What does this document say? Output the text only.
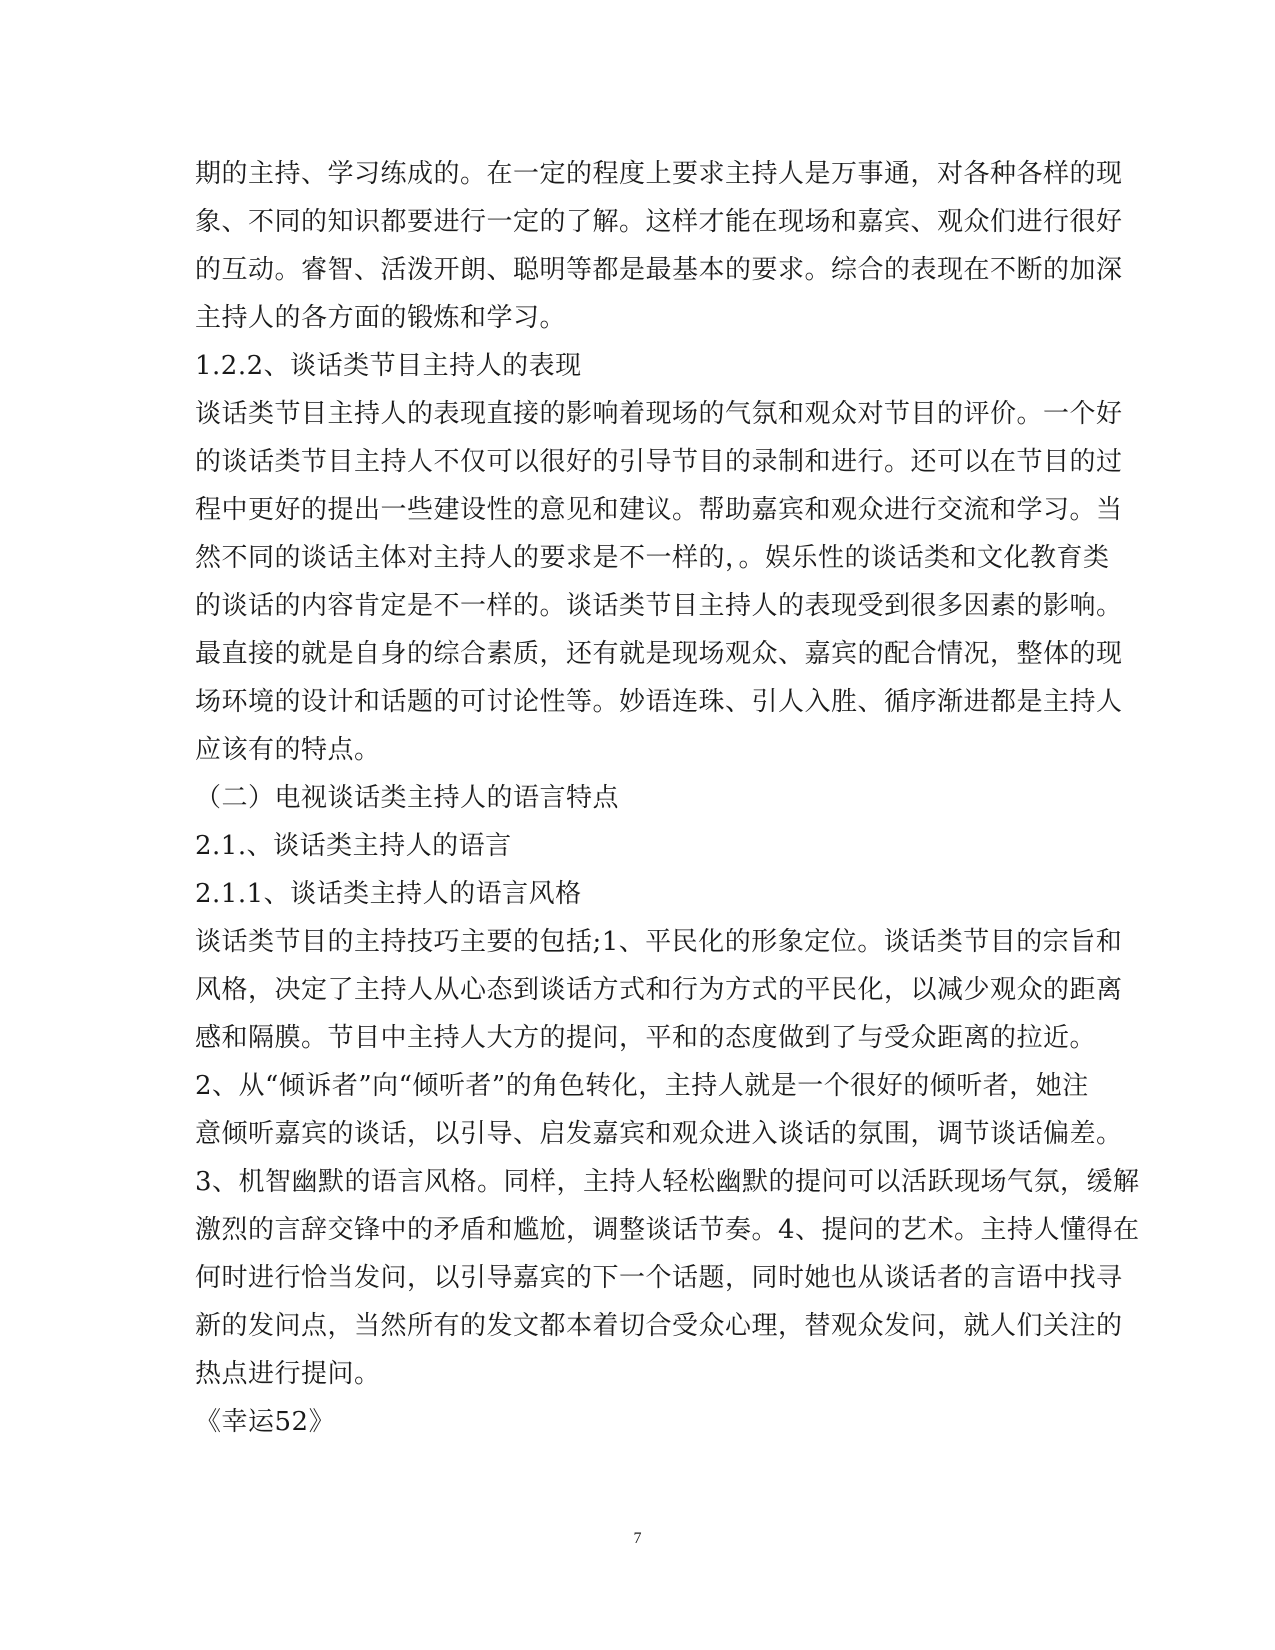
期的主持、学习练成的。在一定的程度上要求主持人是万事通，对各种各样的现
象、不同的知识都要进行一定的了解。这样才能在现场和嘉宾、观众们进行很好
的互动。睿智、活泼开朗、聪明等都是最基本的要求。综合的表现在不断的加深
主持人的各方面的锻炼和学习。
1.2.2、谈话类节目主持人的表现
谈话类节目主持人的表现直接的影响着现场的气氛和观众对节目的评价。一个好
的谈话类节目主持人不仅可以很好的引导节目的录制和进行。还可以在节目的过
程中更好的提出一些建设性的意见和建议。帮助嘉宾和观众进行交流和学习。当
然不同的谈话主体对主持人的要求是不一样的，。娱乐性的谈话类和文化教育类
的谈话的内容肯定是不一样的。谈话类节目主持人的表现受到很多因素的影响。
最直接的就是自身的综合素质，还有就是现场观众、嘉宾的配合情况，整体的现
场环境的设计和话题的可讨论性等。妙语连珠、引人入胜、循序渐进都是主持人
应该有的特点。
（二）电视谈话类主持人的语言特点
2.1.、谈话类主持人的语言
2.1.1、谈话类主持人的语言风格
谈话类节目的主持技巧主要的包括;1、平民化的形象定位。谈话类节目的宗旨和
风格，决定了主持人从心态到谈话方式和行为方式的平民化，以减少观众的距离
感和隔膜。节目中主持人大方的提问，平和的态度做到了与受众距离的拉近。
2、从“倾诉者”向“倾听者”的角色转化，主持人就是一个很好的倾听者，她注
意倾听嘉宾的谈话，以引导、启发嘉宾和观众进入谈话的氛围，调节谈话偏差。
3、机智幽默的语言风格。同样，主持人轻松幽默的提问可以活跃现场气氛，缓解
激烈的言辞交锋中的矛盾和尴尬，调整谈话节奏。4、提问的艺术。主持人懂得在
何时进行恰当发问，以引导嘉宾的下一个话题，同时她也从谈话者的言语中找寻
新的发问点，当然所有的发文都本着切合受众心理，替观众发问，就人们关注的
热点进行提问。
《幸运52》
7
